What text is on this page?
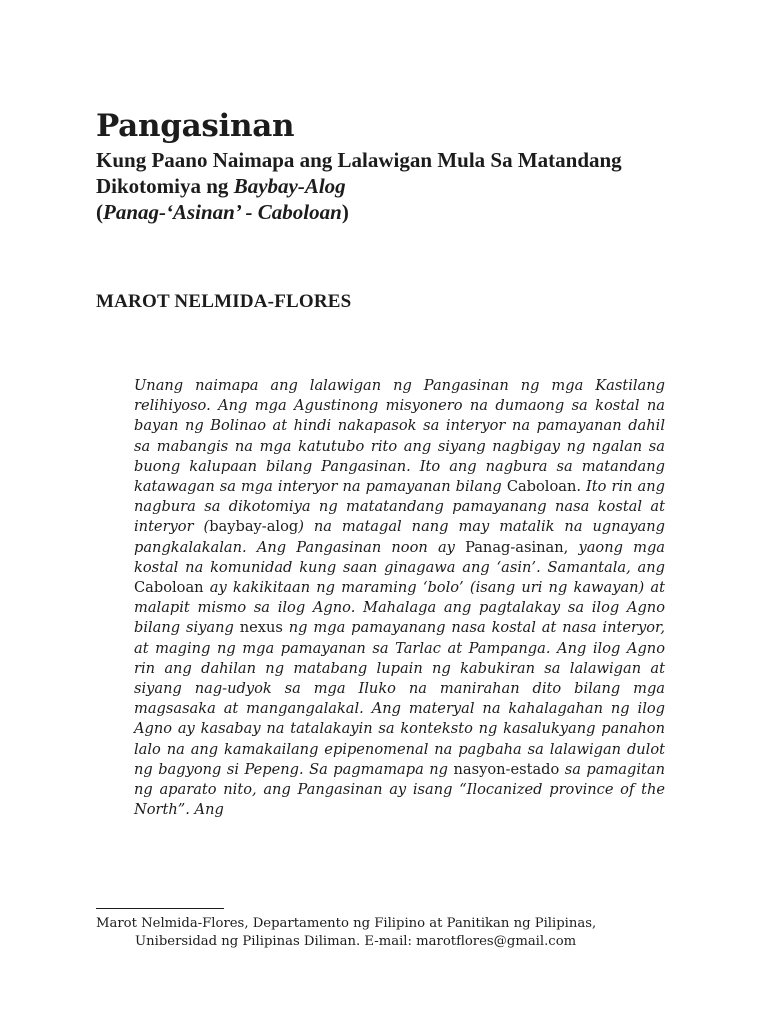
Pangasinan
Kung Paano Naimapa ang Lalawigan Mula Sa Matandang Dikotomiya ng Baybay-Alog
(Panag-‘Asinan’ - Caboloan)
MAROT NELMIDA-FLORES

Unang naimapa ang lalawigan ng Pangasinan ng mga Kastilang relihiyoso. Ang mga Agustinong misyonero na dumaong sa kostal na bayan ng Bolinao at hindi nakapasok sa interyor na pamayanan dahil sa mabangis na mga katutubo rito ang siyang nagbigay ng ngalan sa buong kalupaan bilang Pangasinan. Ito ang nagbura sa matandang katawagan sa mga interyor na pamayanan bilang Caboloan. Ito rin ang nagbura sa dikotomiya ng matatandang pamayanang nasa kostal at interyor (baybay-alog) na matagal nang may matalik na ugnayang pangkalakalan. Ang Pangasinan noon ay Panag-asinan, yaong mga kostal na komunidad kung saan ginagawa ang ‘asin’. Samantala, ang Caboloan ay kakikitaan ng maraming ‘bolo’ (isang uri ng kawayan) at malapit mismo sa ilog Agno. Mahalaga ang pagtalakay sa ilog Agno bilang siyang nexus ng mga pamayanang nasa kostal at nasa interyor, at maging ng mga pamayanan sa Tarlac at Pampanga. Ang ilog Agno rin ang dahilan ng matabang lupain ng kabukiran sa lalawigan at siyang nag-udyok sa mga Iluko na manirahan dito bilang mga magsasaka at mangangalakal. Ang materyal na kahalagahan ng ilog Agno ay kasabay na tatalakayin sa konteksto ng kasalukyang panahon lalo na ang kamakailang epipenomenal na pagbaha sa lalawigan dulot ng bagyong si Pepeng. Sa pagmamapa ng nasyon-estado sa pamagitan ng aparato nito, ang Pangasinan ay isang “Ilocanized province of the North”. Ang

Marot Nelmida-Flores, Departamento ng Filipino at Panitikan ng Pilipinas,
Unibersidad ng Pilipinas Diliman. E-mail: marotflores@gmail.com
